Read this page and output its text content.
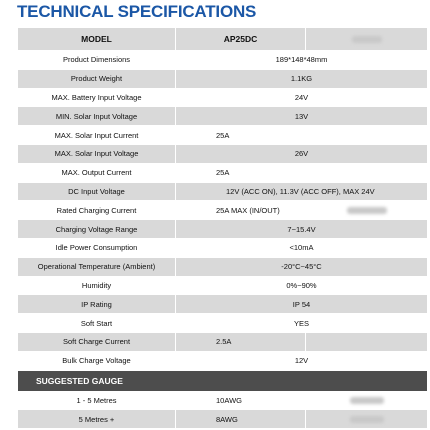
TECHNICAL SPECIFICATIONS
MODEL	AP25DC	
Product Dimensions	189*148*48mm	
Product Weight	1.1KG	
MAX. Battery Input Voltage	24V	
MIN. Solar Input Voltage	13V	
MAX. Solar Input Current	25A	
MAX. Solar Input Voltage	26V	
MAX. Output Current	25A	
DC Input Voltage	12V (ACC ON), 11.3V (ACC OFF), MAX 24V	
Rated Charging Current	25A MAX (IN/OUT)	
Charging Voltage Range	7~15.4V	
Idle Power Consumption	<10mA	
Operational Temperature (Ambient)	-20°C~45°C	
Humidity	0%~90%	
IP Rating	IP 54	
Soft Start	YES	
Soft Charge Current	2.5A	
Bulk Charge Voltage	12V	
SUGGESTED GAUGE		
1 - 5 Metres	10AWG	
5 Metres +	8AWG	
